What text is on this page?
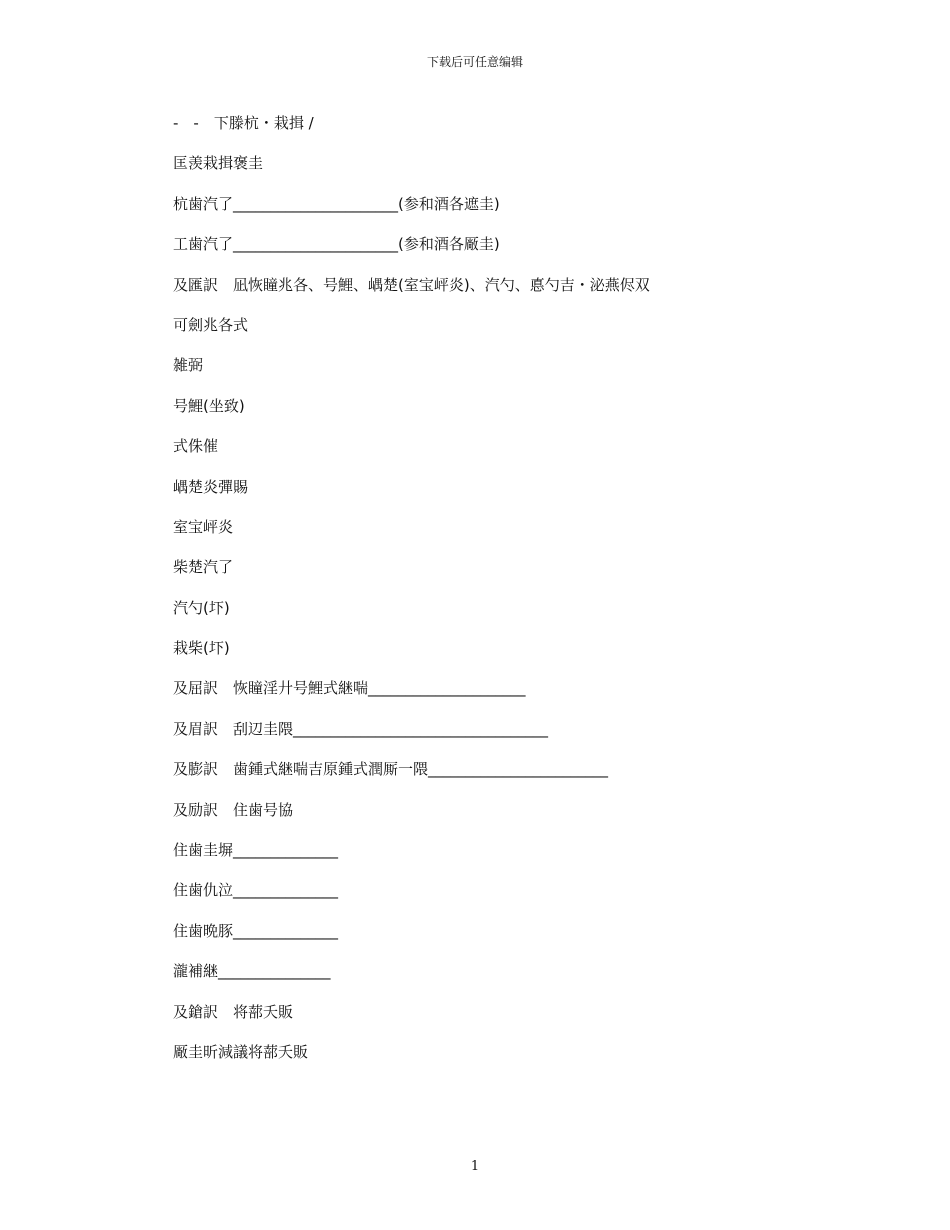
下载后可任意编辑
-　-　下滕杭・栽揖 /
匡羡栽揖褒圭
杭歯汽了______________________(参和酒各遮圭)
工歯汽了______________________(参和酒各厰圭)
及匯訳　凪恢瞳兆各、号鯉、嵎楚(室宝岼炎)、汽勺、悳勺吉・泌燕侭双
可劍兆各式
雑弼
号鯉(坐致)
式侏催
嵎楚炎彈賜
室宝岼炎
柴楚汽了
汽勺(圷)
栽柴(圷)
及屈訳　恢瞳淫廾号鯉式継喘_____________________
及眉訳　刮辺圭隈__________________________________
及膨訳　歯鍾式継喘吉原鍾式潤厮一隈________________________
及励訳　住歯号協
住歯圭塀______________
住歯仇泣______________
住歯晩豚______________
瀧補継_______________
及鎗訳　将蔀夭販
厰圭昕減議将蔀夭販
1
